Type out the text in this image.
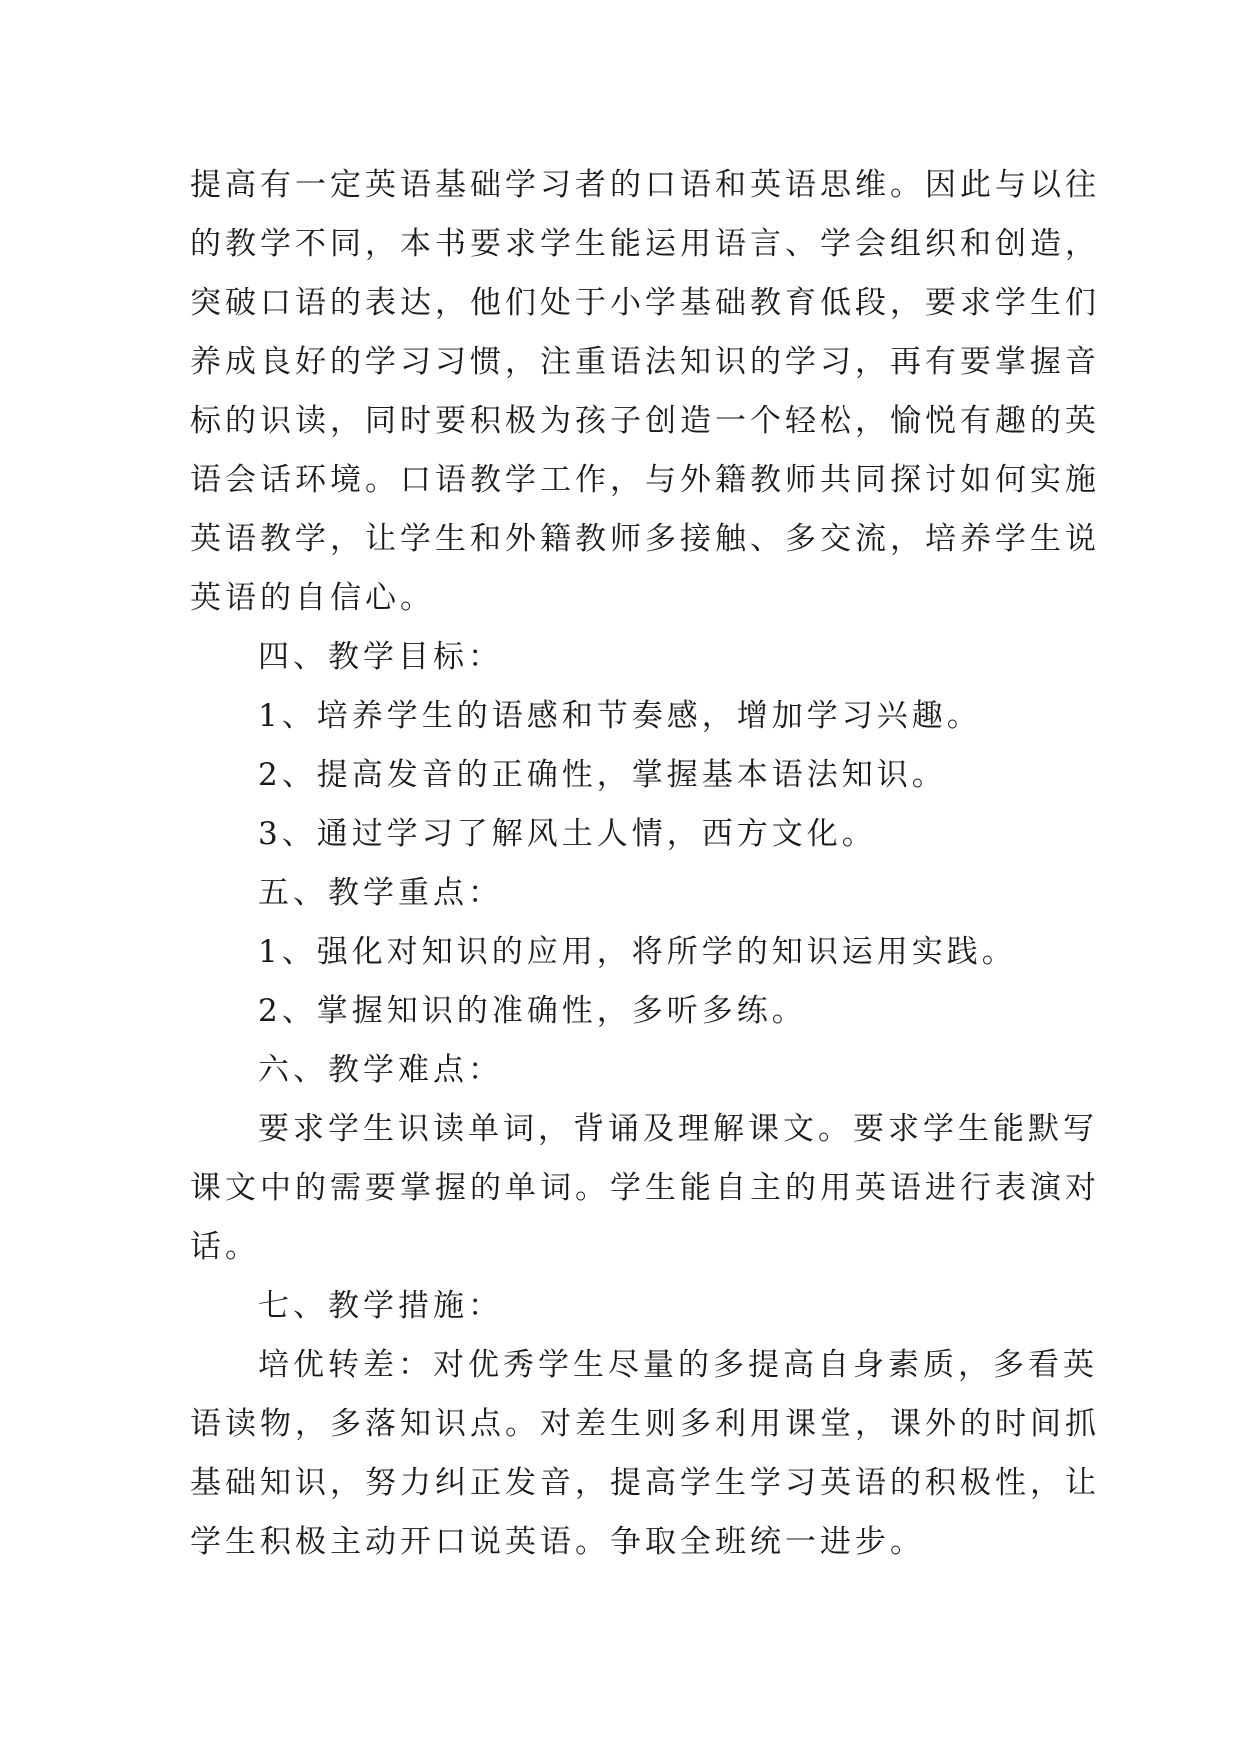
提高有一定英语基础学习者的口语和英语思维。因此与以往
的教学不同，本书要求学生能运用语言、学会组织和创造，
突破口语的表达，他们处于小学基础教育低段，要求学生们
养成良好的学习习惯，注重语法知识的学习，再有要掌握音
标的识读，同时要积极为孩子创造一个轻松，愉悦有趣的英
语会话环境。口语教学工作，与外籍教师共同探讨如何实施
英语教学，让学生和外籍教师多接触、多交流，培养学生说
英语的自信心。
四、教学目标：
1、培养学生的语感和节奏感，增加学习兴趣。
2、提高发音的正确性，掌握基本语法知识。
3、通过学习了解风土人情，西方文化。
五、教学重点：
1、强化对知识的应用，将所学的知识运用实践。
2、掌握知识的准确性，多听多练。
六、教学难点：
要求学生识读单词，背诵及理解课文。要求学生能默写
课文中的需要掌握的单词。学生能自主的用英语进行表演对
话。
七、教学措施：
培优转差：对优秀学生尽量的多提高自身素质，多看英
语读物，多落知识点。对差生则多利用课堂，课外的时间抓
基础知识，努力纠正发音，提高学生学习英语的积极性，让
学生积极主动开口说英语。争取全班统一进步。
